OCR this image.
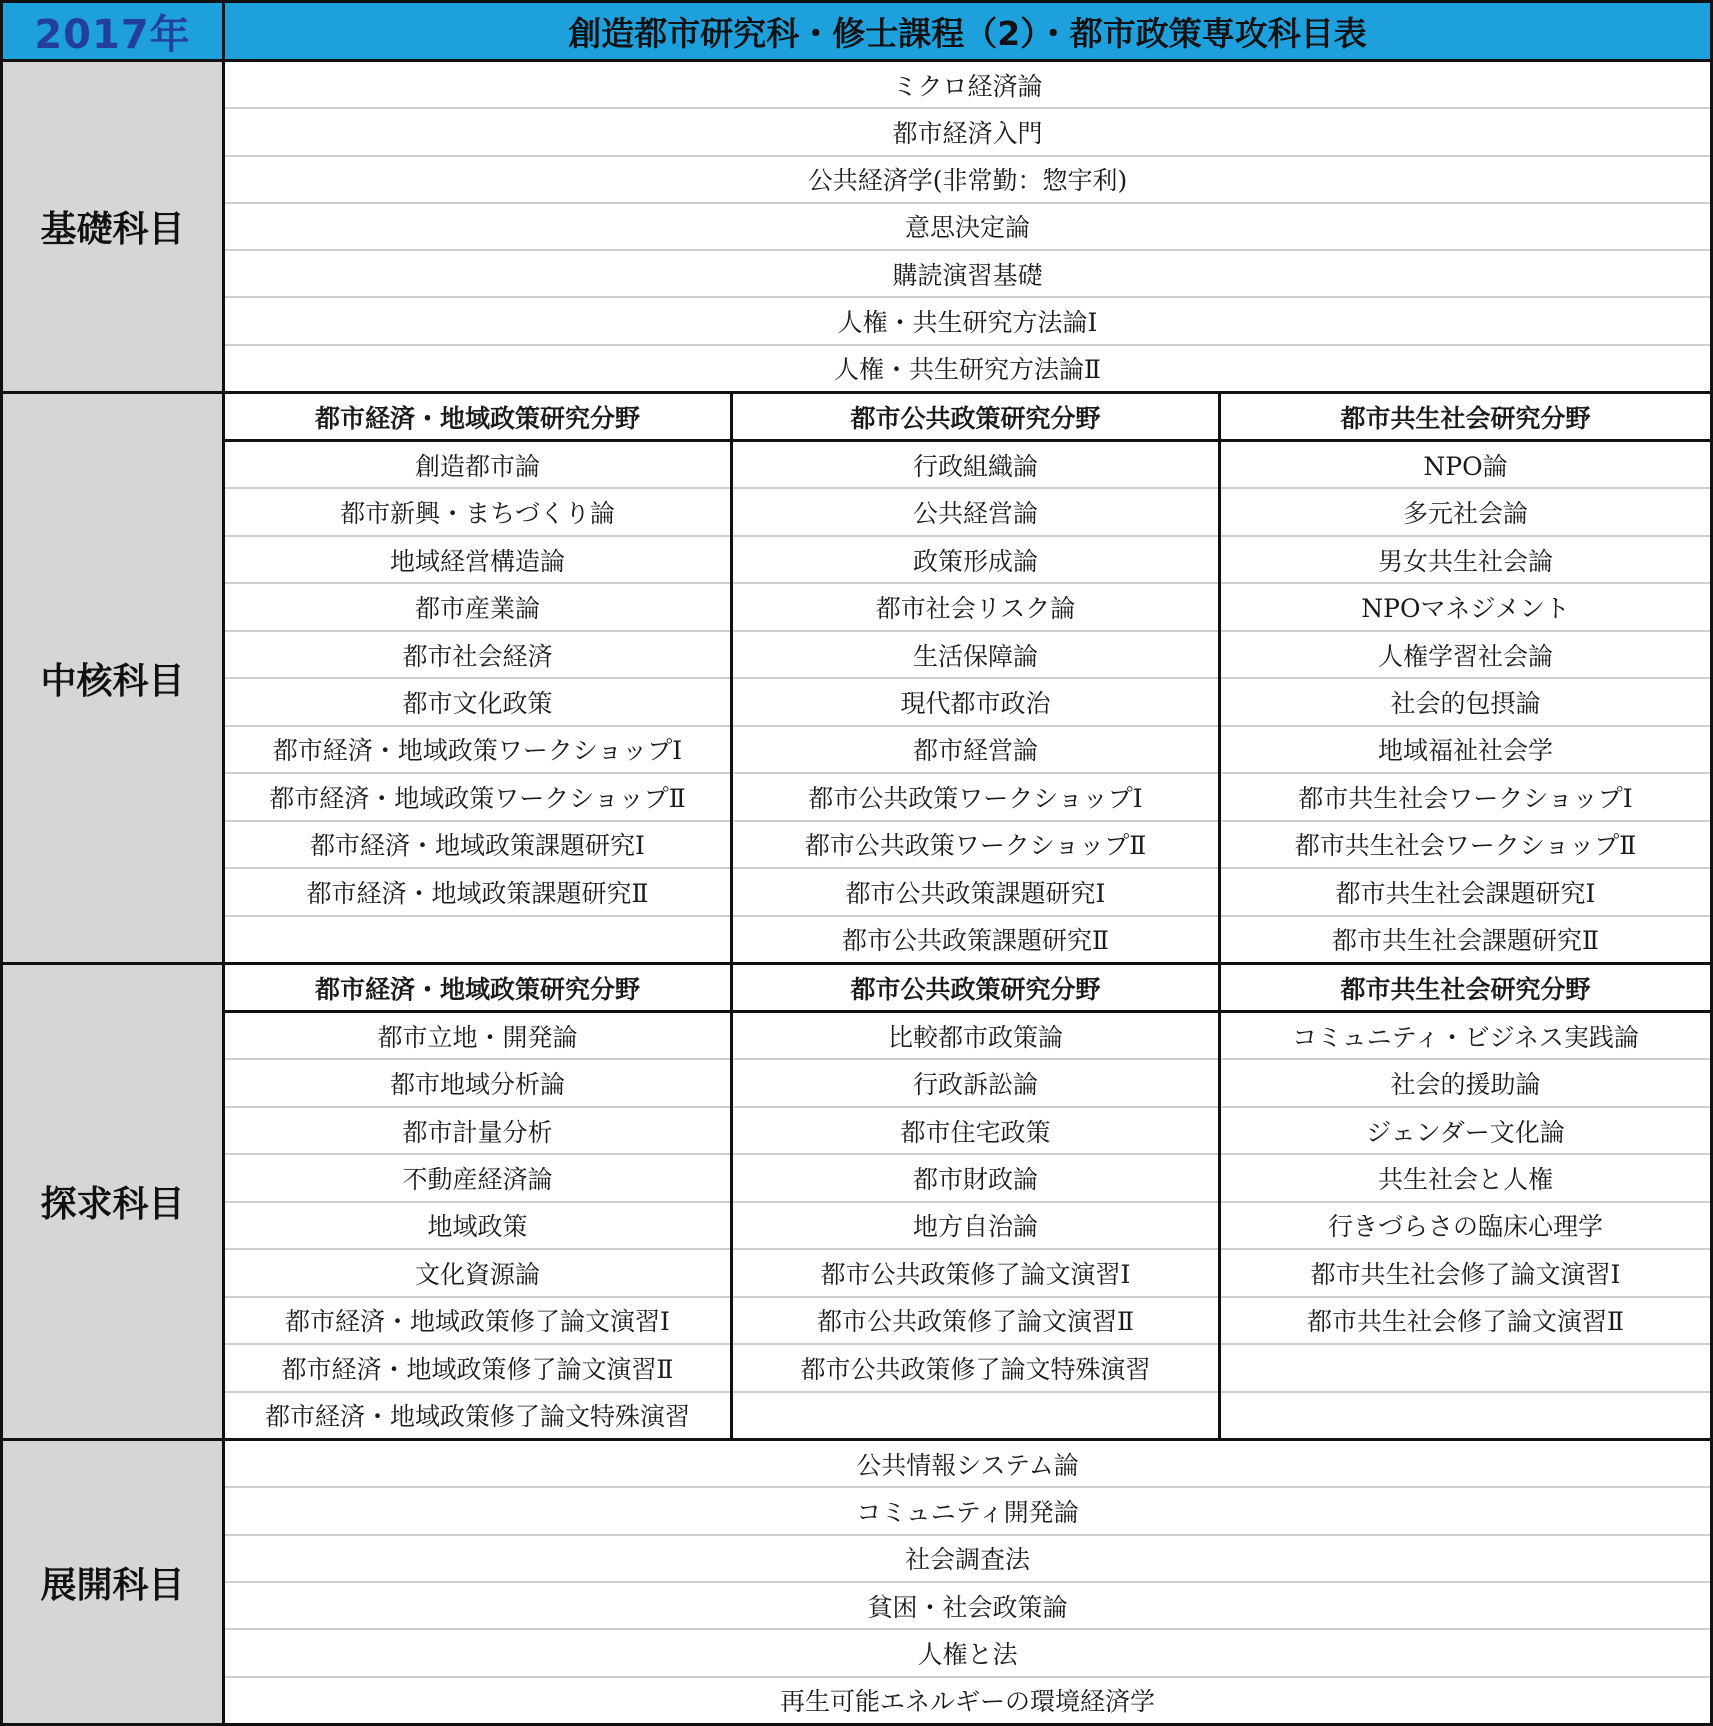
2017年	創造都市研究科・修士課程（2）・都市政策専攻科目表
基礎科目
ミクロ経済論
都市経済入門
公共経済学(非常勤：惣宇利)
意思決定論
購読演習基礎
人権・共生研究方法論Ⅰ
人権・共生研究方法論Ⅱ
中核科目
都市経済・地域政策研究分野
創造都市論
都市新興・まちづくり論
地域経営構造論
都市産業論
都市社会経済
都市文化政策
都市経済・地域政策ワークショップⅠ
都市経済・地域政策ワークショップⅡ
都市経済・地域政策課題研究Ⅰ
都市経済・地域政策課題研究Ⅱ
都市公共政策研究分野
行政組織論
公共経営論
政策形成論
都市社会リスク論
生活保障論
現代都市政治
都市経営論
都市公共政策ワークショップⅠ
都市公共政策ワークショップⅡ
都市公共政策課題研究Ⅰ
都市公共政策課題研究Ⅱ
都市共生社会研究分野
NPO論
多元社会論
男女共生社会論
NPOマネジメント
人権学習社会論
社会的包摂論
地域福祉社会学
都市共生社会ワークショップⅠ
都市共生社会ワークショップⅡ
都市共生社会課題研究Ⅰ
都市共生社会課題研究Ⅱ
探求科目
都市経済・地域政策研究分野
都市立地・開発論
都市地域分析論
都市計量分析
不動産経済論
地域政策
文化資源論
都市経済・地域政策修了論文演習Ⅰ
都市経済・地域政策修了論文演習Ⅱ
都市経済・地域政策修了論文特殊演習
都市公共政策研究分野
比較都市政策論
行政訴訟論
都市住宅政策
都市財政論
地方自治論
都市公共政策修了論文演習Ⅰ
都市公共政策修了論文演習Ⅱ
都市公共政策修了論文特殊演習
都市共生社会研究分野
コミュニティ・ビジネス実践論
社会的援助論
ジェンダー文化論
共生社会と人権
行きづらさの臨床心理学
都市共生社会修了論文演習Ⅰ
都市共生社会修了論文演習Ⅱ
展開科目
公共情報システム論
コミュニティ開発論
社会調査法
貧困・社会政策論
人権と法
再生可能エネルギーの環境経済学
